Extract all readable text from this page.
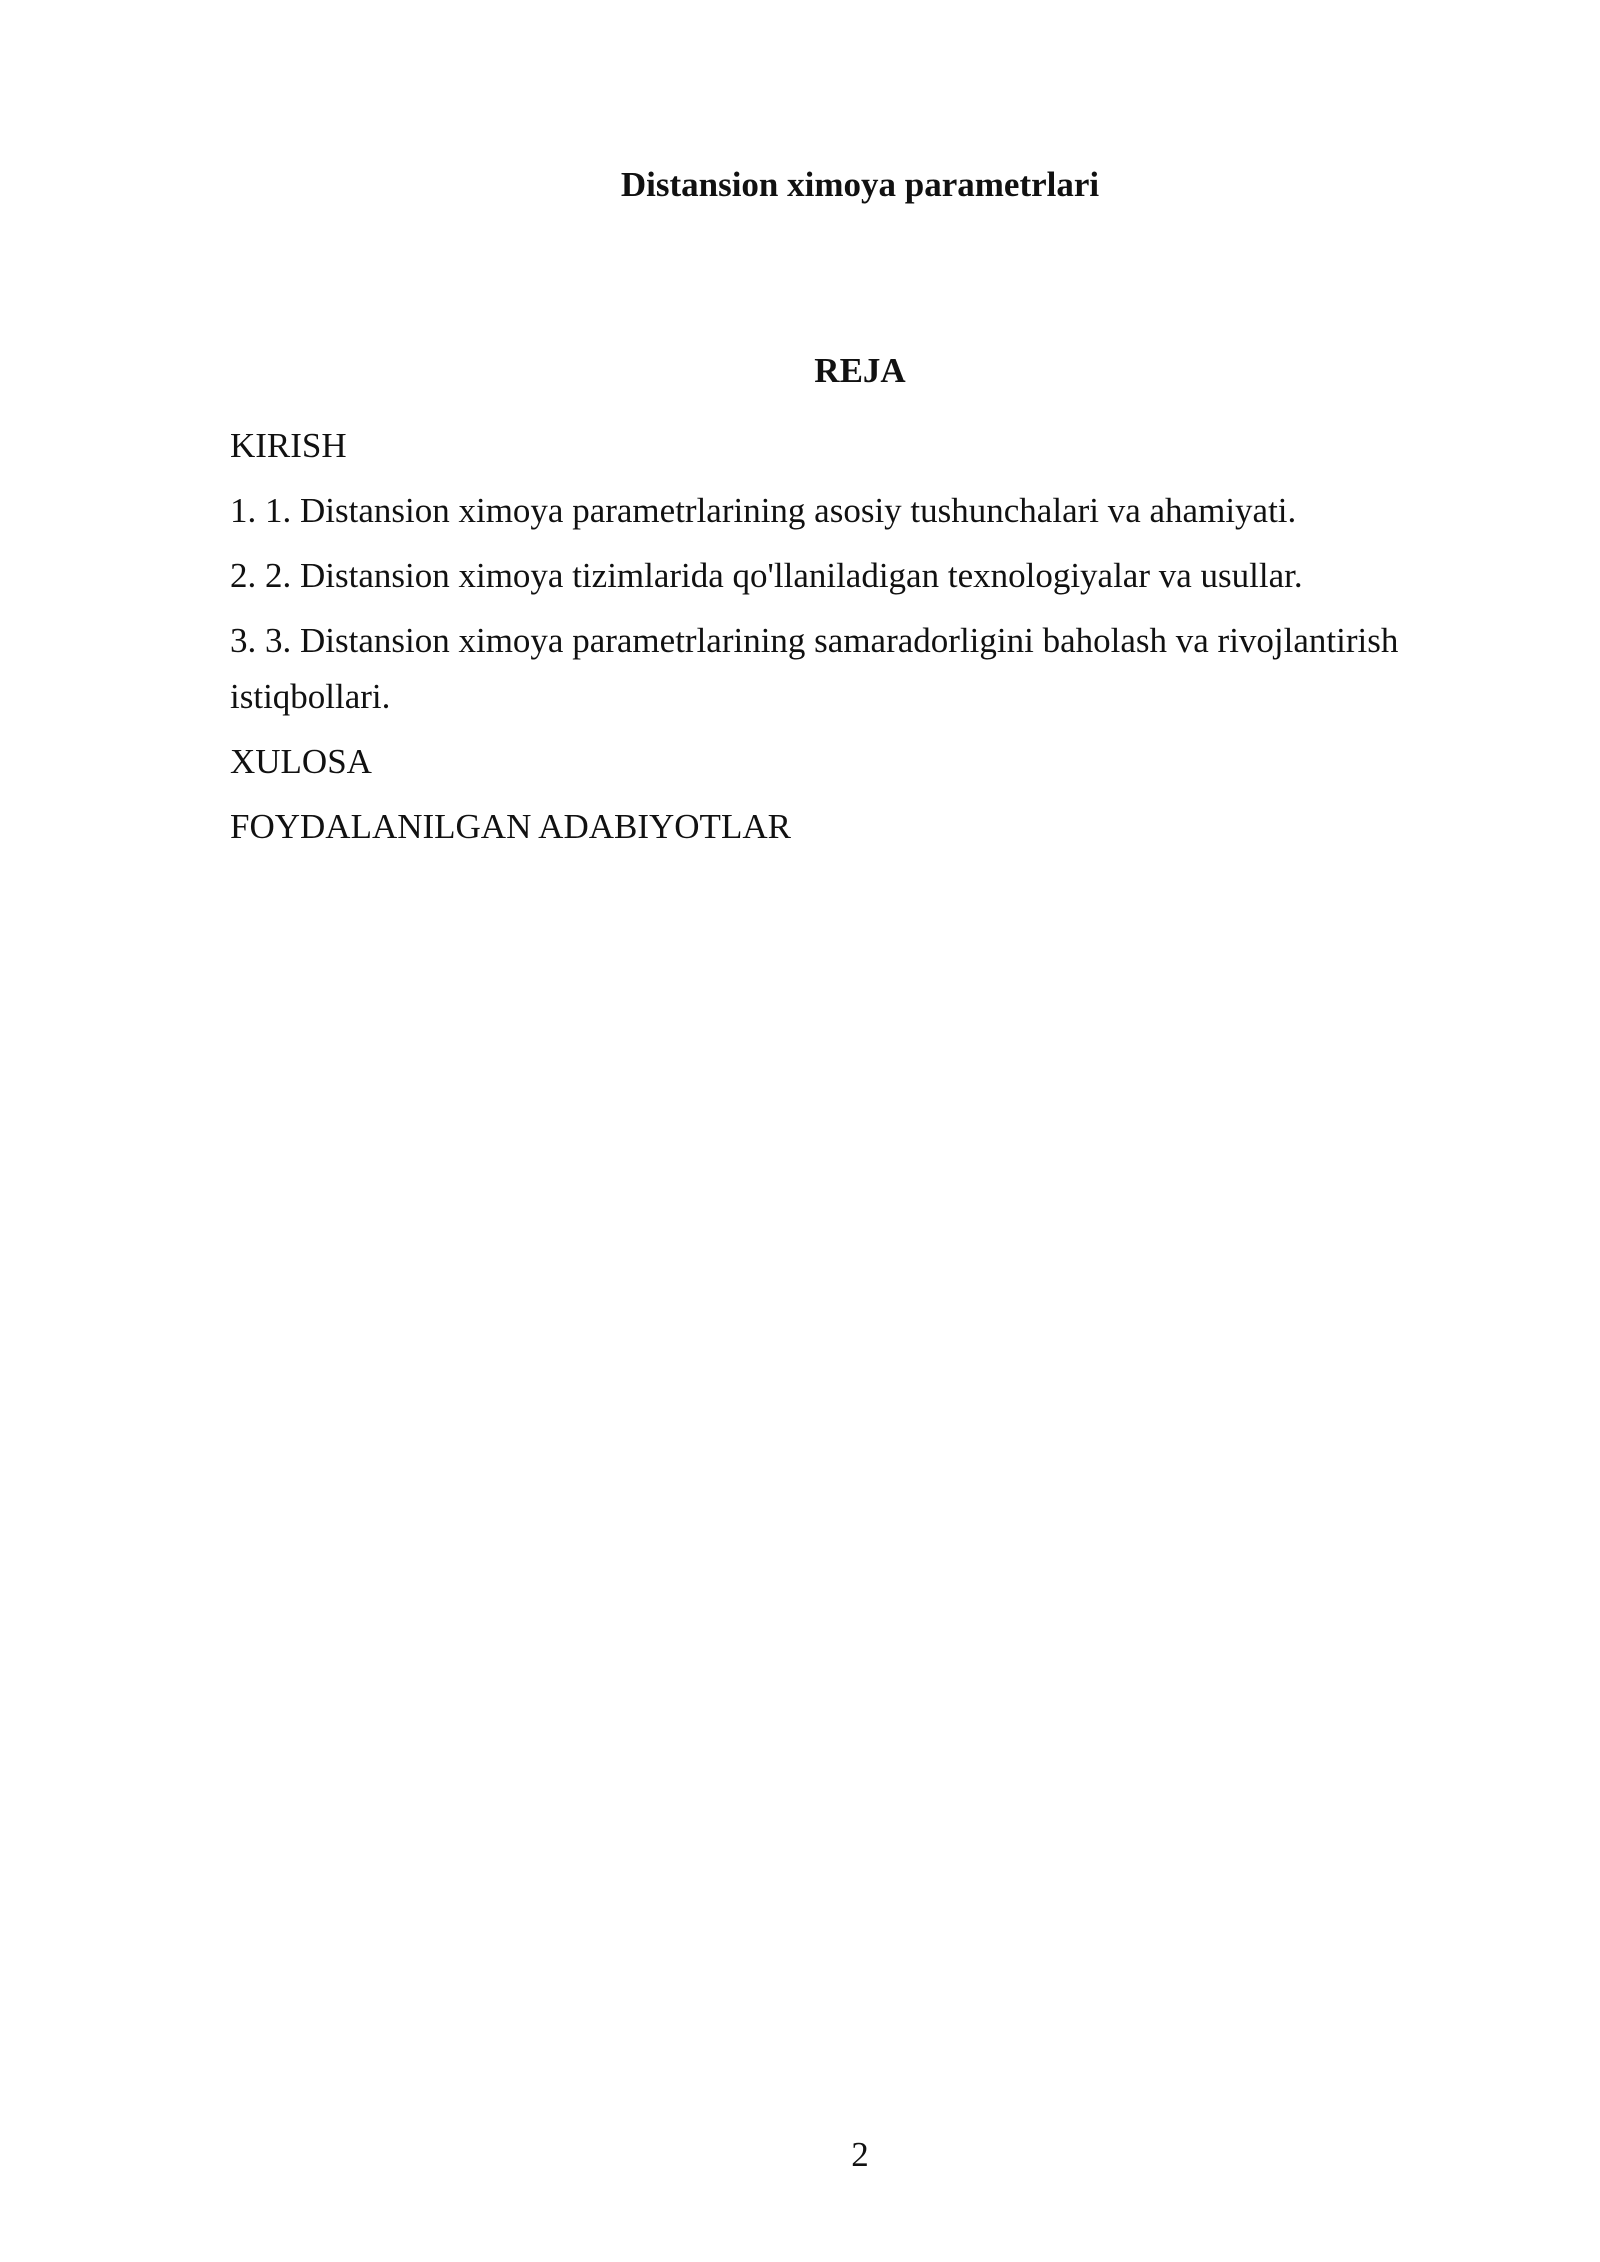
Distansion ximoya parametrlari
REJA
KIRISH
1. 1. Distansion ximoya parametrlarining asosiy tushunchalari va ahamiyati.
2. 2. Distansion ximoya tizimlarida qo'llaniladigan texnologiyalar va usullar.
3. 3. Distansion ximoya parametrlarining samaradorligini baholash va rivojlantirish istiqbollari.
XULOSA
FOYDALANILGAN ADABIYOTLAR
2
